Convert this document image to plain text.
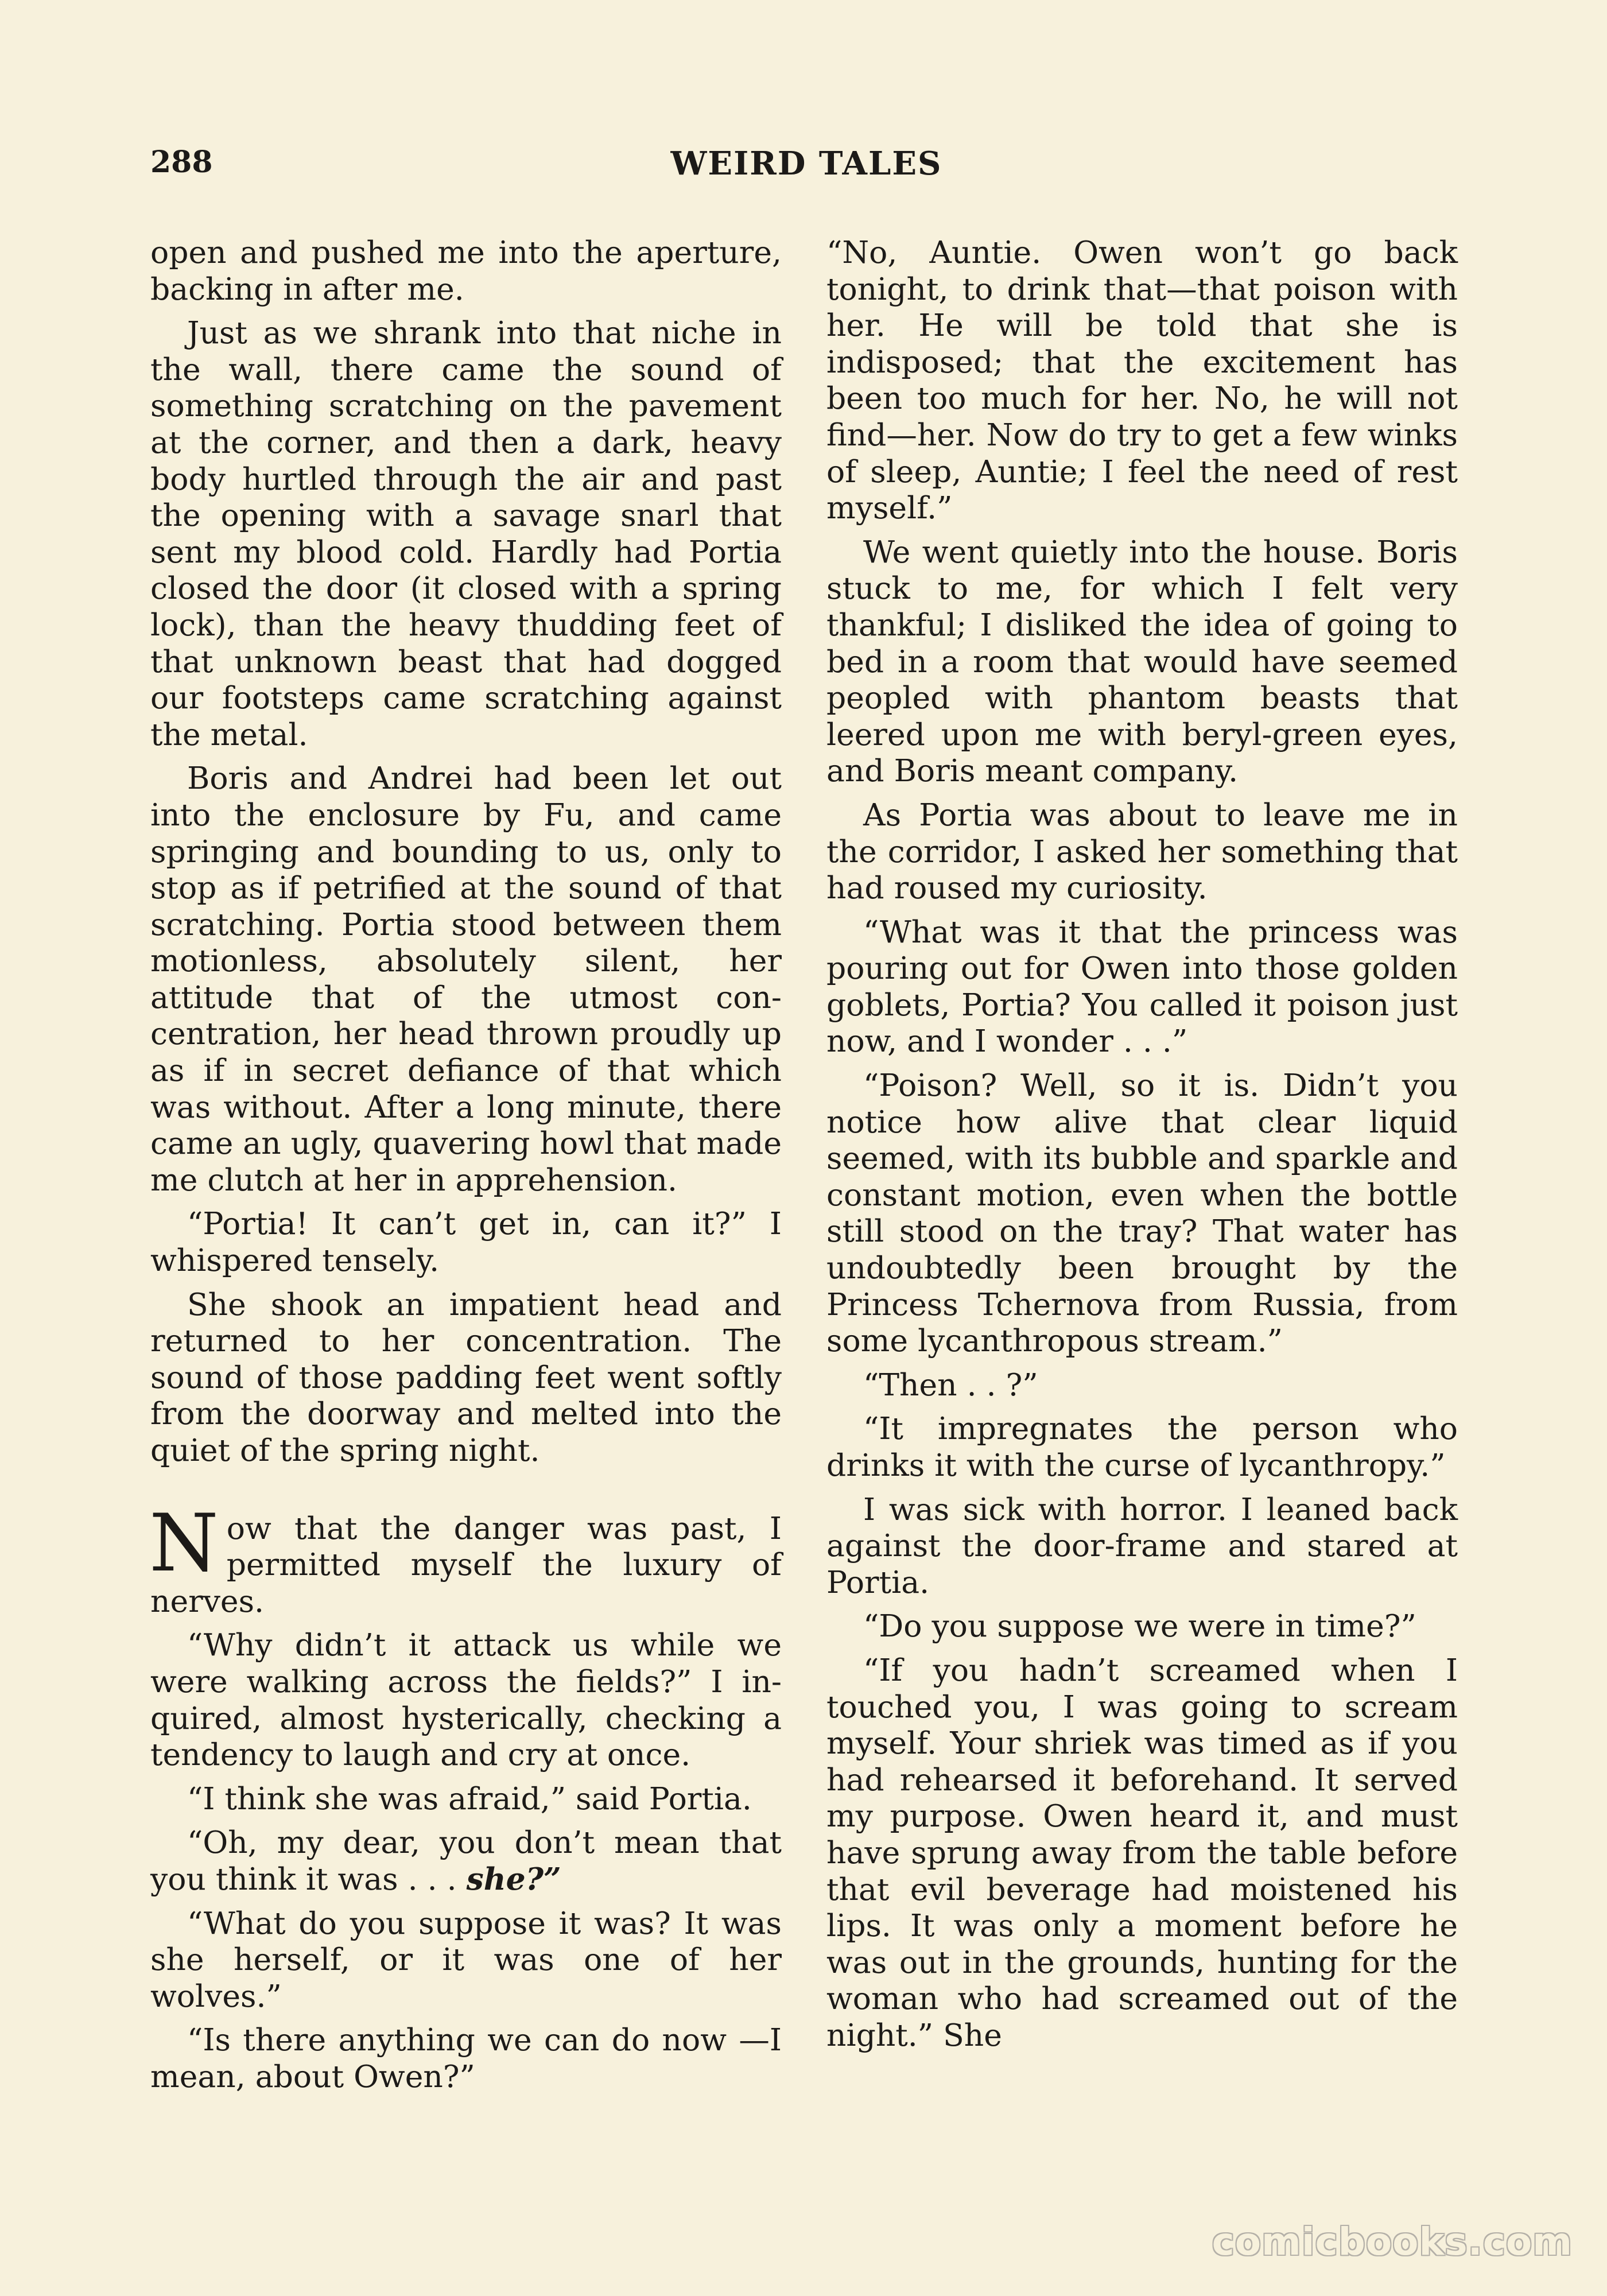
288	WEIRD TALES

open and pushed me into the aperture, backing in after me.

Just as we shrank into that niche in the wall, there came the sound of something scratching on the pavement at the corner, and then a dark, heavy body hurtled through the air and past the opening with a savage snarl that sent my blood cold. Hardly had Portia closed the door (it closed with a spring lock), than the heavy thudding feet of that unknown beast that had dogged our footsteps came scratching against the metal.

Boris and Andrei had been let out into the enclosure by Fu, and came springing and bounding to us, only to stop as if petrified at the sound of that scratching. Portia stood between them motionless, absolutely silent, her attitude that of the utmost concentration, her head thrown proudly up as if in secret defiance of that which was without. After a long minute, there came an ugly, quavering howl that made me clutch at her in apprehension.

“Portia! It can’t get in, can it?” I whispered tensely.

She shook an impatient head and returned to her concentration. The sound of those padding feet went softly from the doorway and melted into the quiet of the spring night.

Now that the danger was past, I permitted myself the luxury of nerves.

“Why didn’t it attack us while we were walking across the fields?” I inquired, almost hysterically, checking a tendency to laugh and cry at once.

“I think she was afraid,” said Portia.

“Oh, my dear, you don’t mean that you think it was . . . she?”

“What do you suppose it was? It was she herself, or it was one of her wolves.”

“Is there anything we can do now —I mean, about Owen?”

“No, Auntie. Owen won’t go back tonight, to drink that—that poison with her. He will be told that she is indisposed; that the excitement has been too much for her. No, he will not find—her. Now do try to get a few winks of sleep, Auntie; I feel the need of rest myself.”

We went quietly into the house. Boris stuck to me, for which I felt very thankful; I disliked the idea of going to bed in a room that would have seemed peopled with phantom beasts that leered upon me with beryl-green eyes, and Boris meant company.

As Portia was about to leave me in the corridor, I asked her something that had roused my curiosity.

“What was it that the princess was pouring out for Owen into those golden goblets, Portia? You called it poison just now, and I wonder . . .”

“Poison? Well, so it is. Didn’t you notice how alive that clear liquid seemed, with its bubble and sparkle and constant motion, even when the bottle still stood on the tray? That water has undoubtedly been brought by the Princess Tchernova from Russia, from some lycanthropous stream.”

“Then . . ?”

“It impregnates the person who drinks it with the curse of lycanthropy.”

I was sick with horror. I leaned back against the door-frame and stared at Portia.

“Do you suppose we were in time?”

“If you hadn’t screamed when I touched you, I was going to scream myself. Your shriek was timed as if you had rehearsed it beforehand. It served my purpose. Owen heard it, and must have sprung away from the table before that evil beverage had moistened his lips. It was only a moment before he was out in the grounds, hunting for the woman who had screamed out of the night.” She

comicbooks.com
